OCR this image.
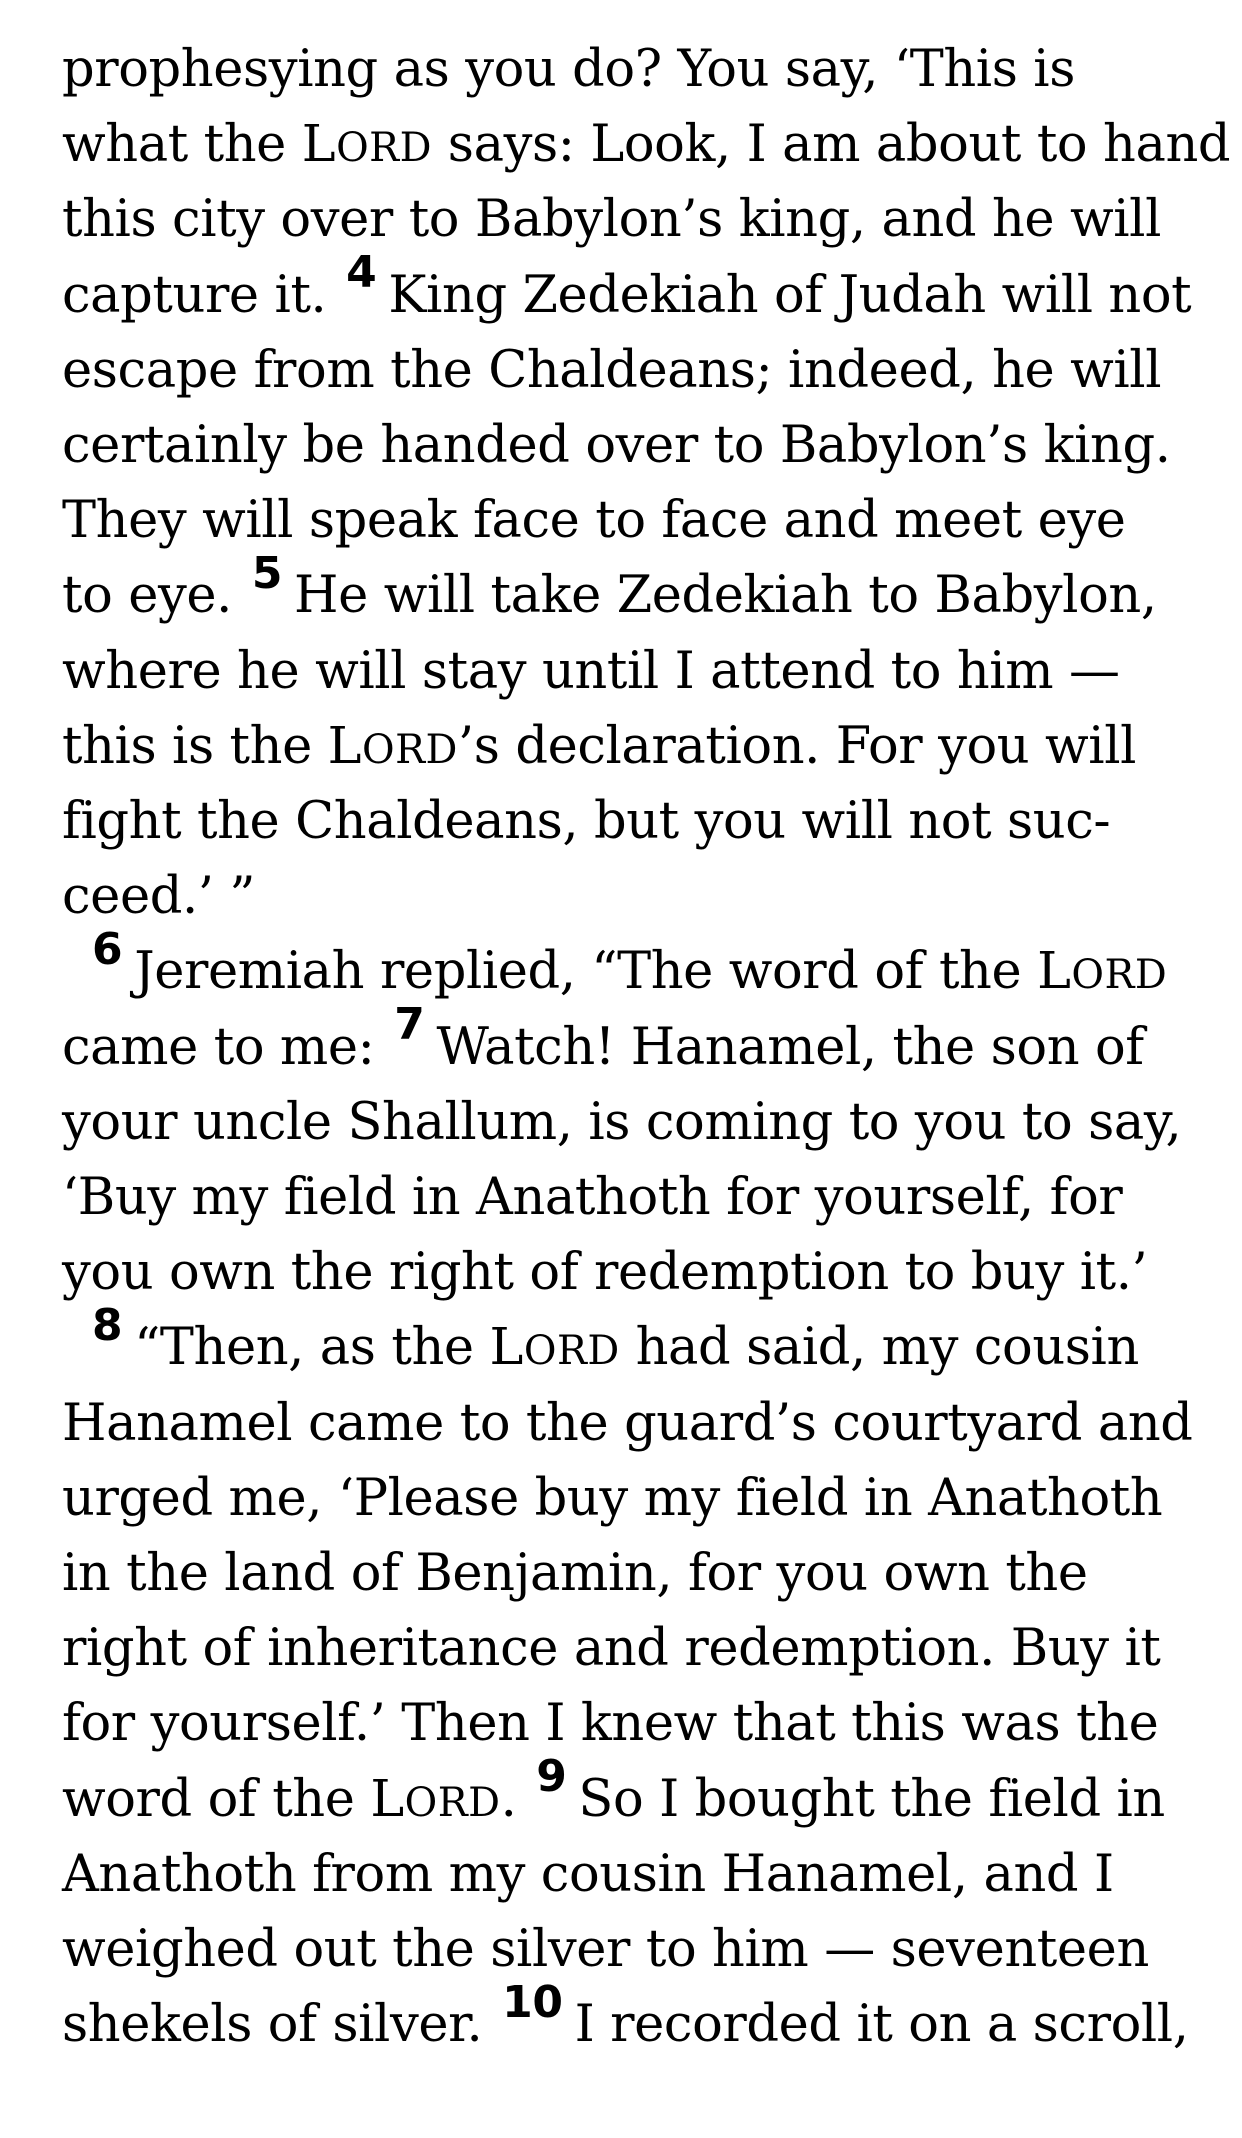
prophesying as you do? You say, ‘This is
what the LORD says: Look, I am about to hand
this city over to Babylon’s king, and he will
capture it. 4 King Zedekiah of Judah will not
escape from the Chaldeans; indeed, he will
certainly be handed over to Babylon’s king.
They will speak face to face and meet eye
to eye. 5 He will take Zedekiah to Babylon,
where he will stay until I attend to him —
this is the LORD’s declaration. For you will
fight the Chaldeans, but you will not suc-
ceed.’ ”
6 Jeremiah replied, “The word of the LORD
came to me: 7 Watch! Hanamel, the son of
your uncle Shallum, is coming to you to say,
‘Buy my field in Anathoth for yourself, for
you own the right of redemption to buy it.’
8 “Then, as the LORD had said, my cousin
Hanamel came to the guard’s courtyard and
urged me, ‘Please buy my field in Anathoth
in the land of Benjamin, for you own the
right of inheritance and redemption. Buy it
for yourself.’ Then I knew that this was the
word of the LORD. 9 So I bought the field in
Anathoth from my cousin Hanamel, and I
weighed out the silver to him — seventeen
shekels of silver. 10 I recorded it on a scroll,
